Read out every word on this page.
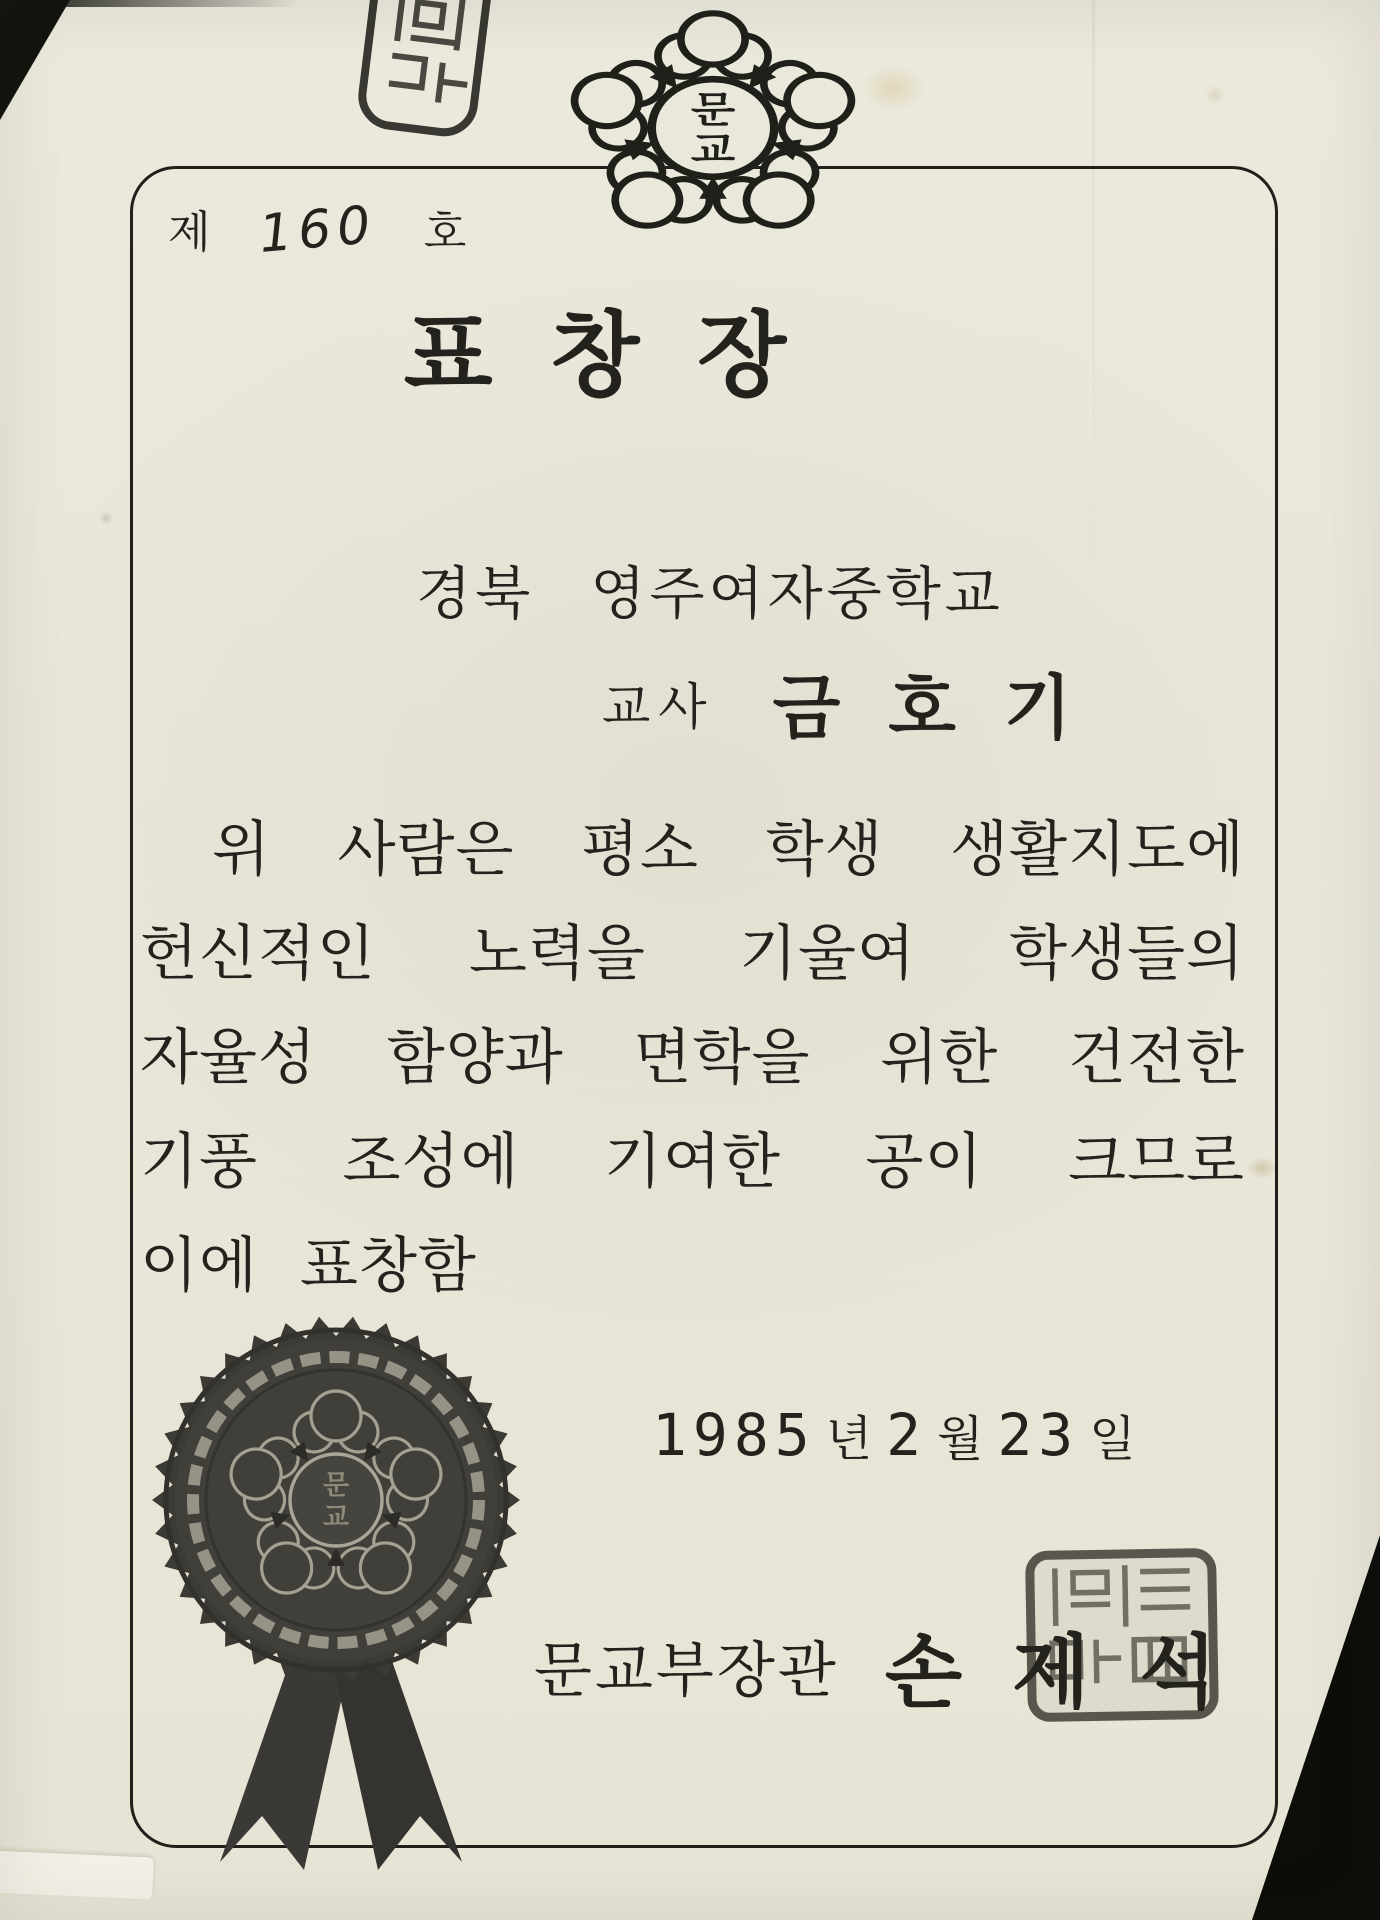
문
교
제 160 호
표창장
경북 영주여자중학교
교사 금호기
위 사람은 평소 학생 생활지도에
헌신적인 노력을 기울여 학생들의
자율성 함양과 면학을 위한 건전한
기풍 조성에 기여한 공이 크므로
이에 표창함
1985 년 2 월 23 일
문
교
문교부장관 손제석
